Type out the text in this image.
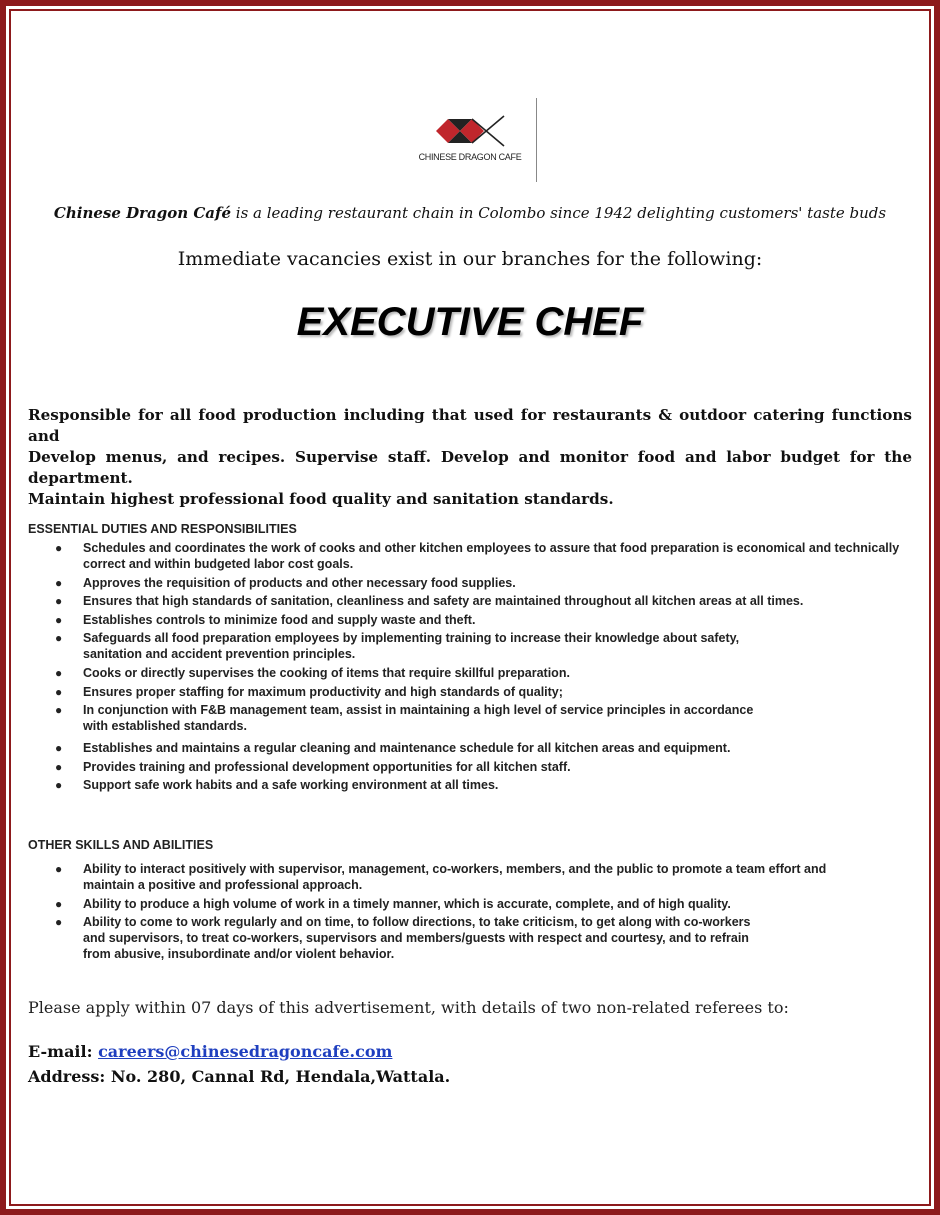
CHINESE DRAGON CAFE
Chinese Dragon Café is a leading restaurant chain in Colombo since 1942 delighting customers' taste buds
Immediate vacancies exist in our branches for the following:
EXECUTIVE CHEF
Responsible for all food production including that used for restaurants & outdoor catering functions and
Develop menus, and recipes. Supervise staff. Develop and monitor food and labor budget for the department.
Maintain highest professional food quality and sanitation standards.
ESSENTIAL DUTIES AND RESPONSIBILITIES
● Schedules and coordinates the work of cooks and other kitchen employees to assure that food preparation is economical and technically correct and within budgeted labor cost goals.
● Approves the requisition of products and other necessary food supplies.
● Ensures that high standards of sanitation, cleanliness and safety are maintained throughout all kitchen areas at all times.
● Establishes controls to minimize food and supply waste and theft.
● Safeguards all food preparation employees by implementing training to increase their knowledge about safety,
sanitation and accident prevention principles.
● Cooks or directly supervises the cooking of items that require skillful preparation.
● Ensures proper staffing for maximum productivity and high standards of quality;
● In conjunction with F&B management team, assist in maintaining a high level of service principles in accordance
with established standards.
● Establishes and maintains a regular cleaning and maintenance schedule for all kitchen areas and equipment.
● Provides training and professional development opportunities for all kitchen staff.
● Support safe work habits and a safe working environment at all times.
OTHER SKILLS AND ABILITIES
● Ability to interact positively with supervisor, management, co-workers, members, and the public to promote a team effort and
maintain a positive and professional approach.
● Ability to produce a high volume of work in a timely manner, which is accurate, complete, and of high quality.
● Ability to come to work regularly and on time, to follow directions, to take criticism, to get along with co-workers
and supervisors, to treat co-workers, supervisors and members/guests with respect and courtesy, and to refrain
from abusive, insubordinate and/or violent behavior.
Please apply within 07 days of this advertisement, with details of two non-related referees to:
E-mail: careers@chinesedragoncafe.com
Address: No. 280, Cannal Rd, Hendala,Wattala.
